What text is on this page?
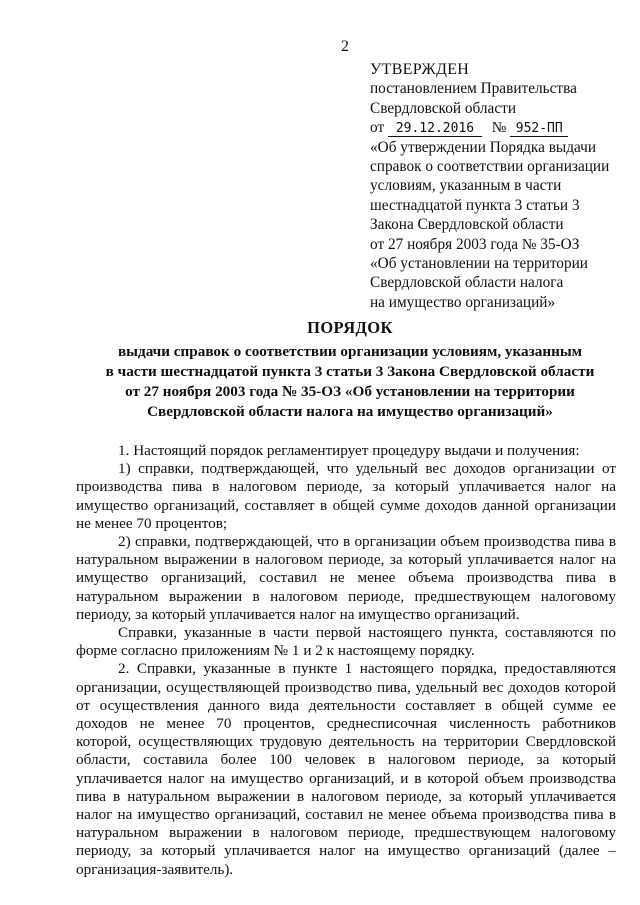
2
УТВЕРЖДЕН
постановлением Правительства
Свердловской области
от 29.12.2016 № 952-ПП
«Об утверждении Порядка выдачи
справок о соответствии организации
условиям, указанным в части
шестнадцатой пункта 3 статьи 3
Закона Свердловской области
от 27 ноября 2003 года № 35-ОЗ
«Об установлении на территории
Свердловской области налога
на имущество организаций»
ПОРЯДОК
выдачи справок о соответствии организации условиям, указанным
в части шестнадцатой пункта 3 статьи 3 Закона Свердловской области
от 27 ноября 2003 года № 35-ОЗ «Об установлении на территории
Свердловской области налога на имущество организаций»

1. Настоящий порядок регламентирует процедуру выдачи и получения:

1) справки, подтверждающей, что удельный вес доходов организации от производства пива в налоговом периоде, за который уплачивается налог на имущество организаций, составляет в общей сумме доходов данной организации не менее 70 процентов;

2) справки, подтверждающей, что в организации объем производства пива в натуральном выражении в налоговом периоде, за который уплачивается налог на имущество организаций, составил не менее объема производства пива в натуральном выражении в налоговом периоде, предшествующем налоговому периоду, за который уплачивается налог на имущество организаций.

Справки, указанные в части первой настоящего пункта, составляются по форме согласно приложениям № 1 и 2 к настоящему порядку.

2. Справки, указанные в пункте 1 настоящего порядка, предоставляются организации, осуществляющей производство пива, удельный вес доходов которой от осуществления данного вида деятельности составляет в общей сумме ее доходов не менее 70 процентов, среднесписочная численность работников которой, осуществляющих трудовую деятельность на территории Свердловской области, составила более 100 человек в налоговом периоде, за который уплачивается налог на имущество организаций, и в которой объем производства пива в натуральном выражении в налоговом периоде, за который уплачивается налог на имущество организаций, составил не менее объема производства пива в натуральном выражении в налоговом периоде, предшествующем налоговому периоду, за который уплачивается налог на имущество организаций (далее – организация-заявитель).
